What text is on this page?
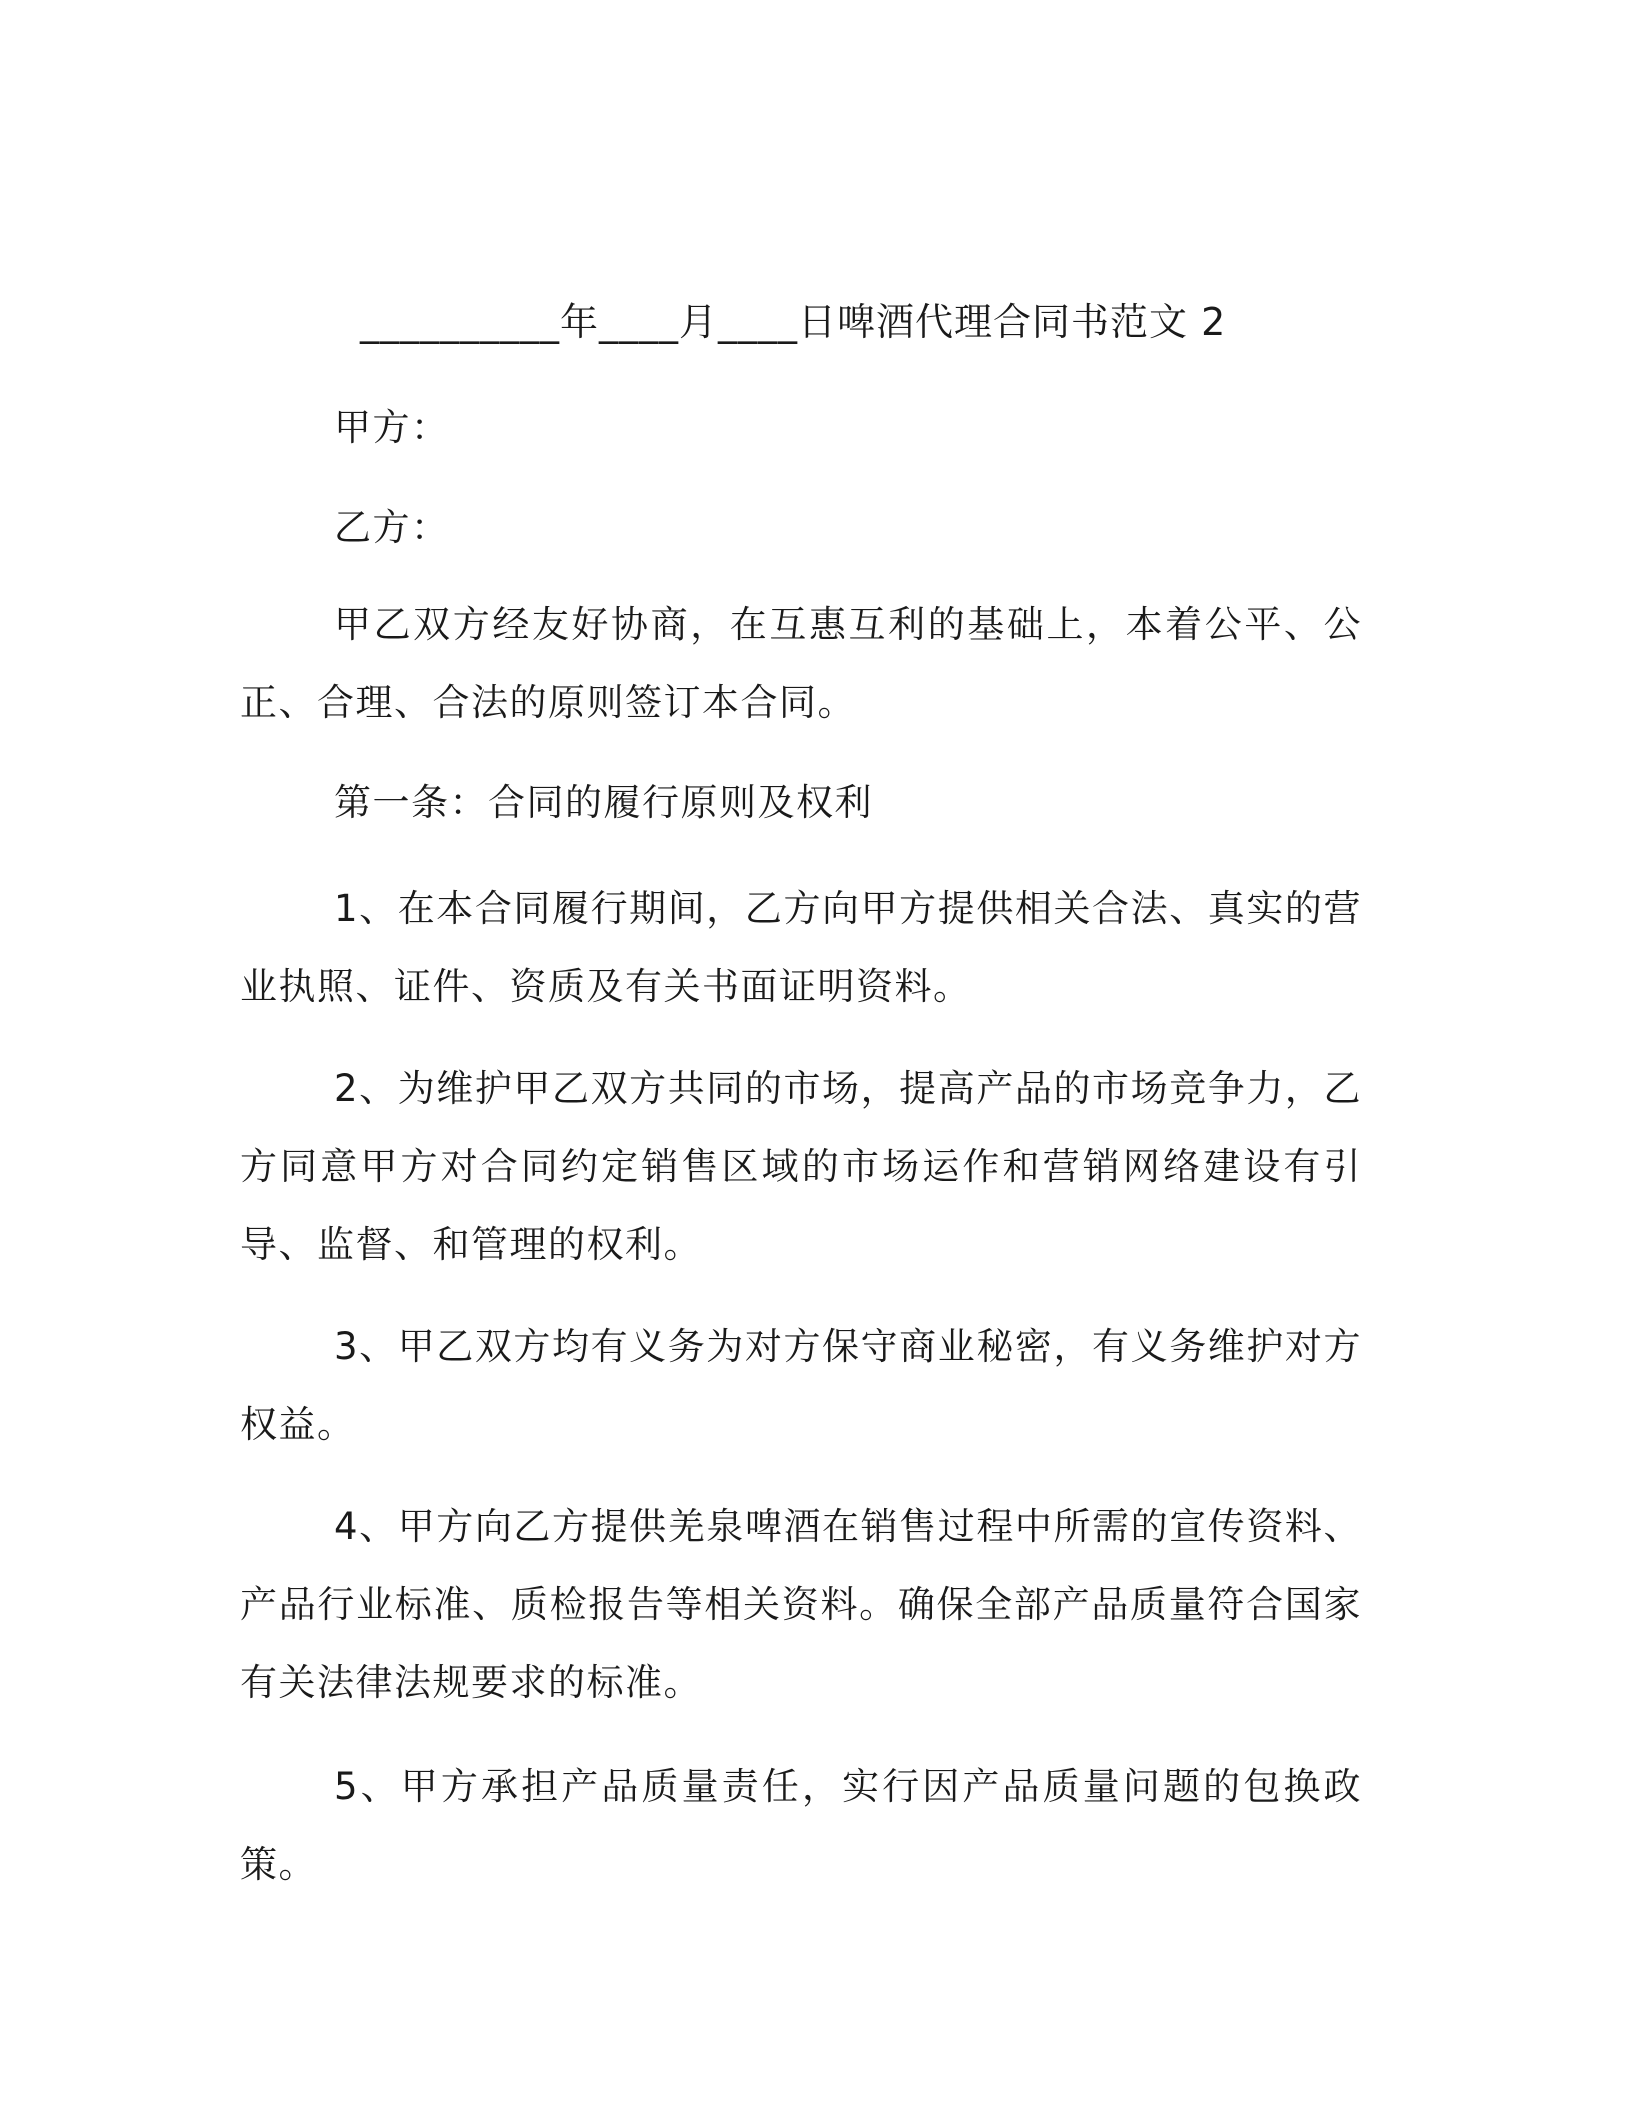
__________年____月____日啤酒代理合同书范文 2
甲方：
乙方：

甲乙双方经友好协商，在互惠互利的基础上，本着公平、公正、合理、合法的原则签订本合同。

第一条：合同的履行原则及权利

1、在本合同履行期间，乙方向甲方提供相关合法、真实的营业执照、证件、资质及有关书面证明资料。

2、为维护甲乙双方共同的市场，提高产品的市场竞争力，乙方同意甲方对合同约定销售区域的市场运作和营销网络建设有引导、监督、和管理的权利。

3、甲乙双方均有义务为对方保守商业秘密，有义务维护对方权益。

4、甲方向乙方提供羌泉啤酒在销售过程中所需的宣传资料、产品行业标准、质检报告等相关资料。确保全部产品质量符合国家有关法律法规要求的标准。

5、甲方承担产品质量责任，实行因产品质量问题的包换政策。
